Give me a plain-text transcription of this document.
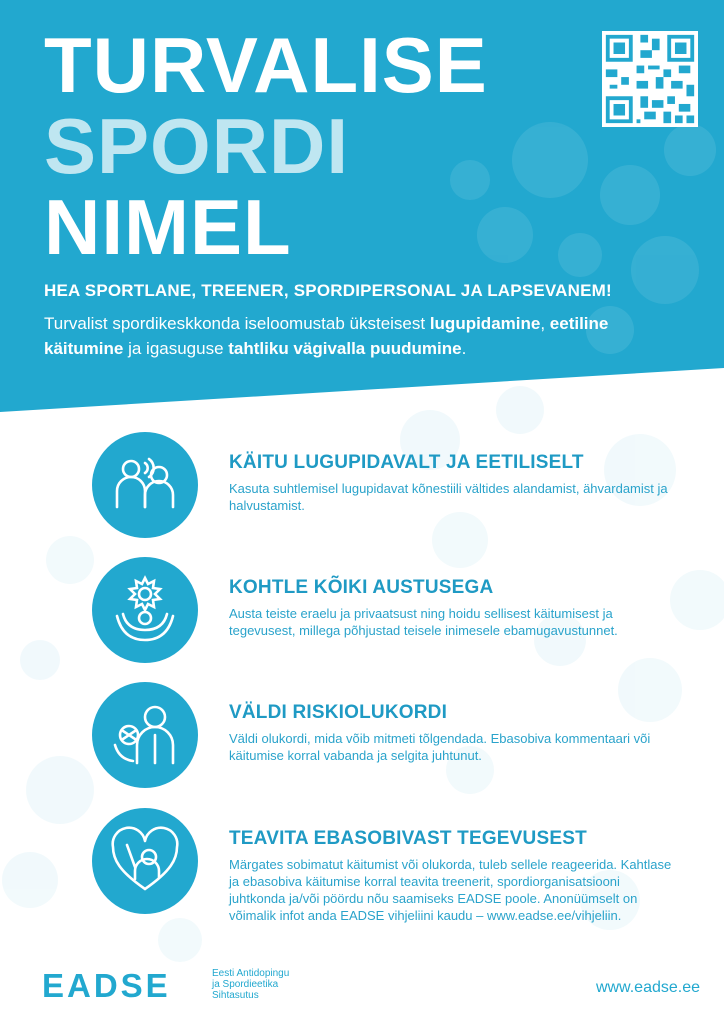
TURVALISE
SPORDI
NIMEL

HEA SPORTLANE, TREENER, SPORDIPERSONAL JA LAPSEVANEM!

Turvalist spordikeskkonda iseloomustab üksteisest lugupidamine, eetiline käitumine ja igasuguse tahtliku vägivalla puudumine.

KÄITU LUGUPIDAVALT JA EETILISELT

Kasuta suhtlemisel lugupidavat kõnestiili vältides alandamist, ähvardamist ja halvustamist.

KOHTLE KÕIKI AUSTUSEGA

Austa teiste eraelu ja privaatsust ning hoidu sellisest käitumisest ja tegevusest, millega põhjustad teisele inimesele ebamugavustunnet.

VÄLDI RISKIOLUKORDI

Väldi olukordi, mida võib mitmeti tõlgendada. Ebasobiva kommentaari või käitumise korral vabanda ja selgita juhtunut.

TEAVITA EBASOBIVAST TEGEVUSEST

Märgates sobimatut käitumist või olukorda, tuleb sellele reageerida. Kahtlase ja ebasobiva käitumise korral teavita treenerit, spordiorganisatsiooni juhtkonda ja/või pöördu nõu saamiseks EADSE poole. Anonüümselt on võimalik infot anda EADSE vihjeliini kaudu – www.eadse.ee/vihjeliin.

EADSE	Eesti Antidopingu
ja Spordieetika
Sihtasutus	www.eadse.ee
